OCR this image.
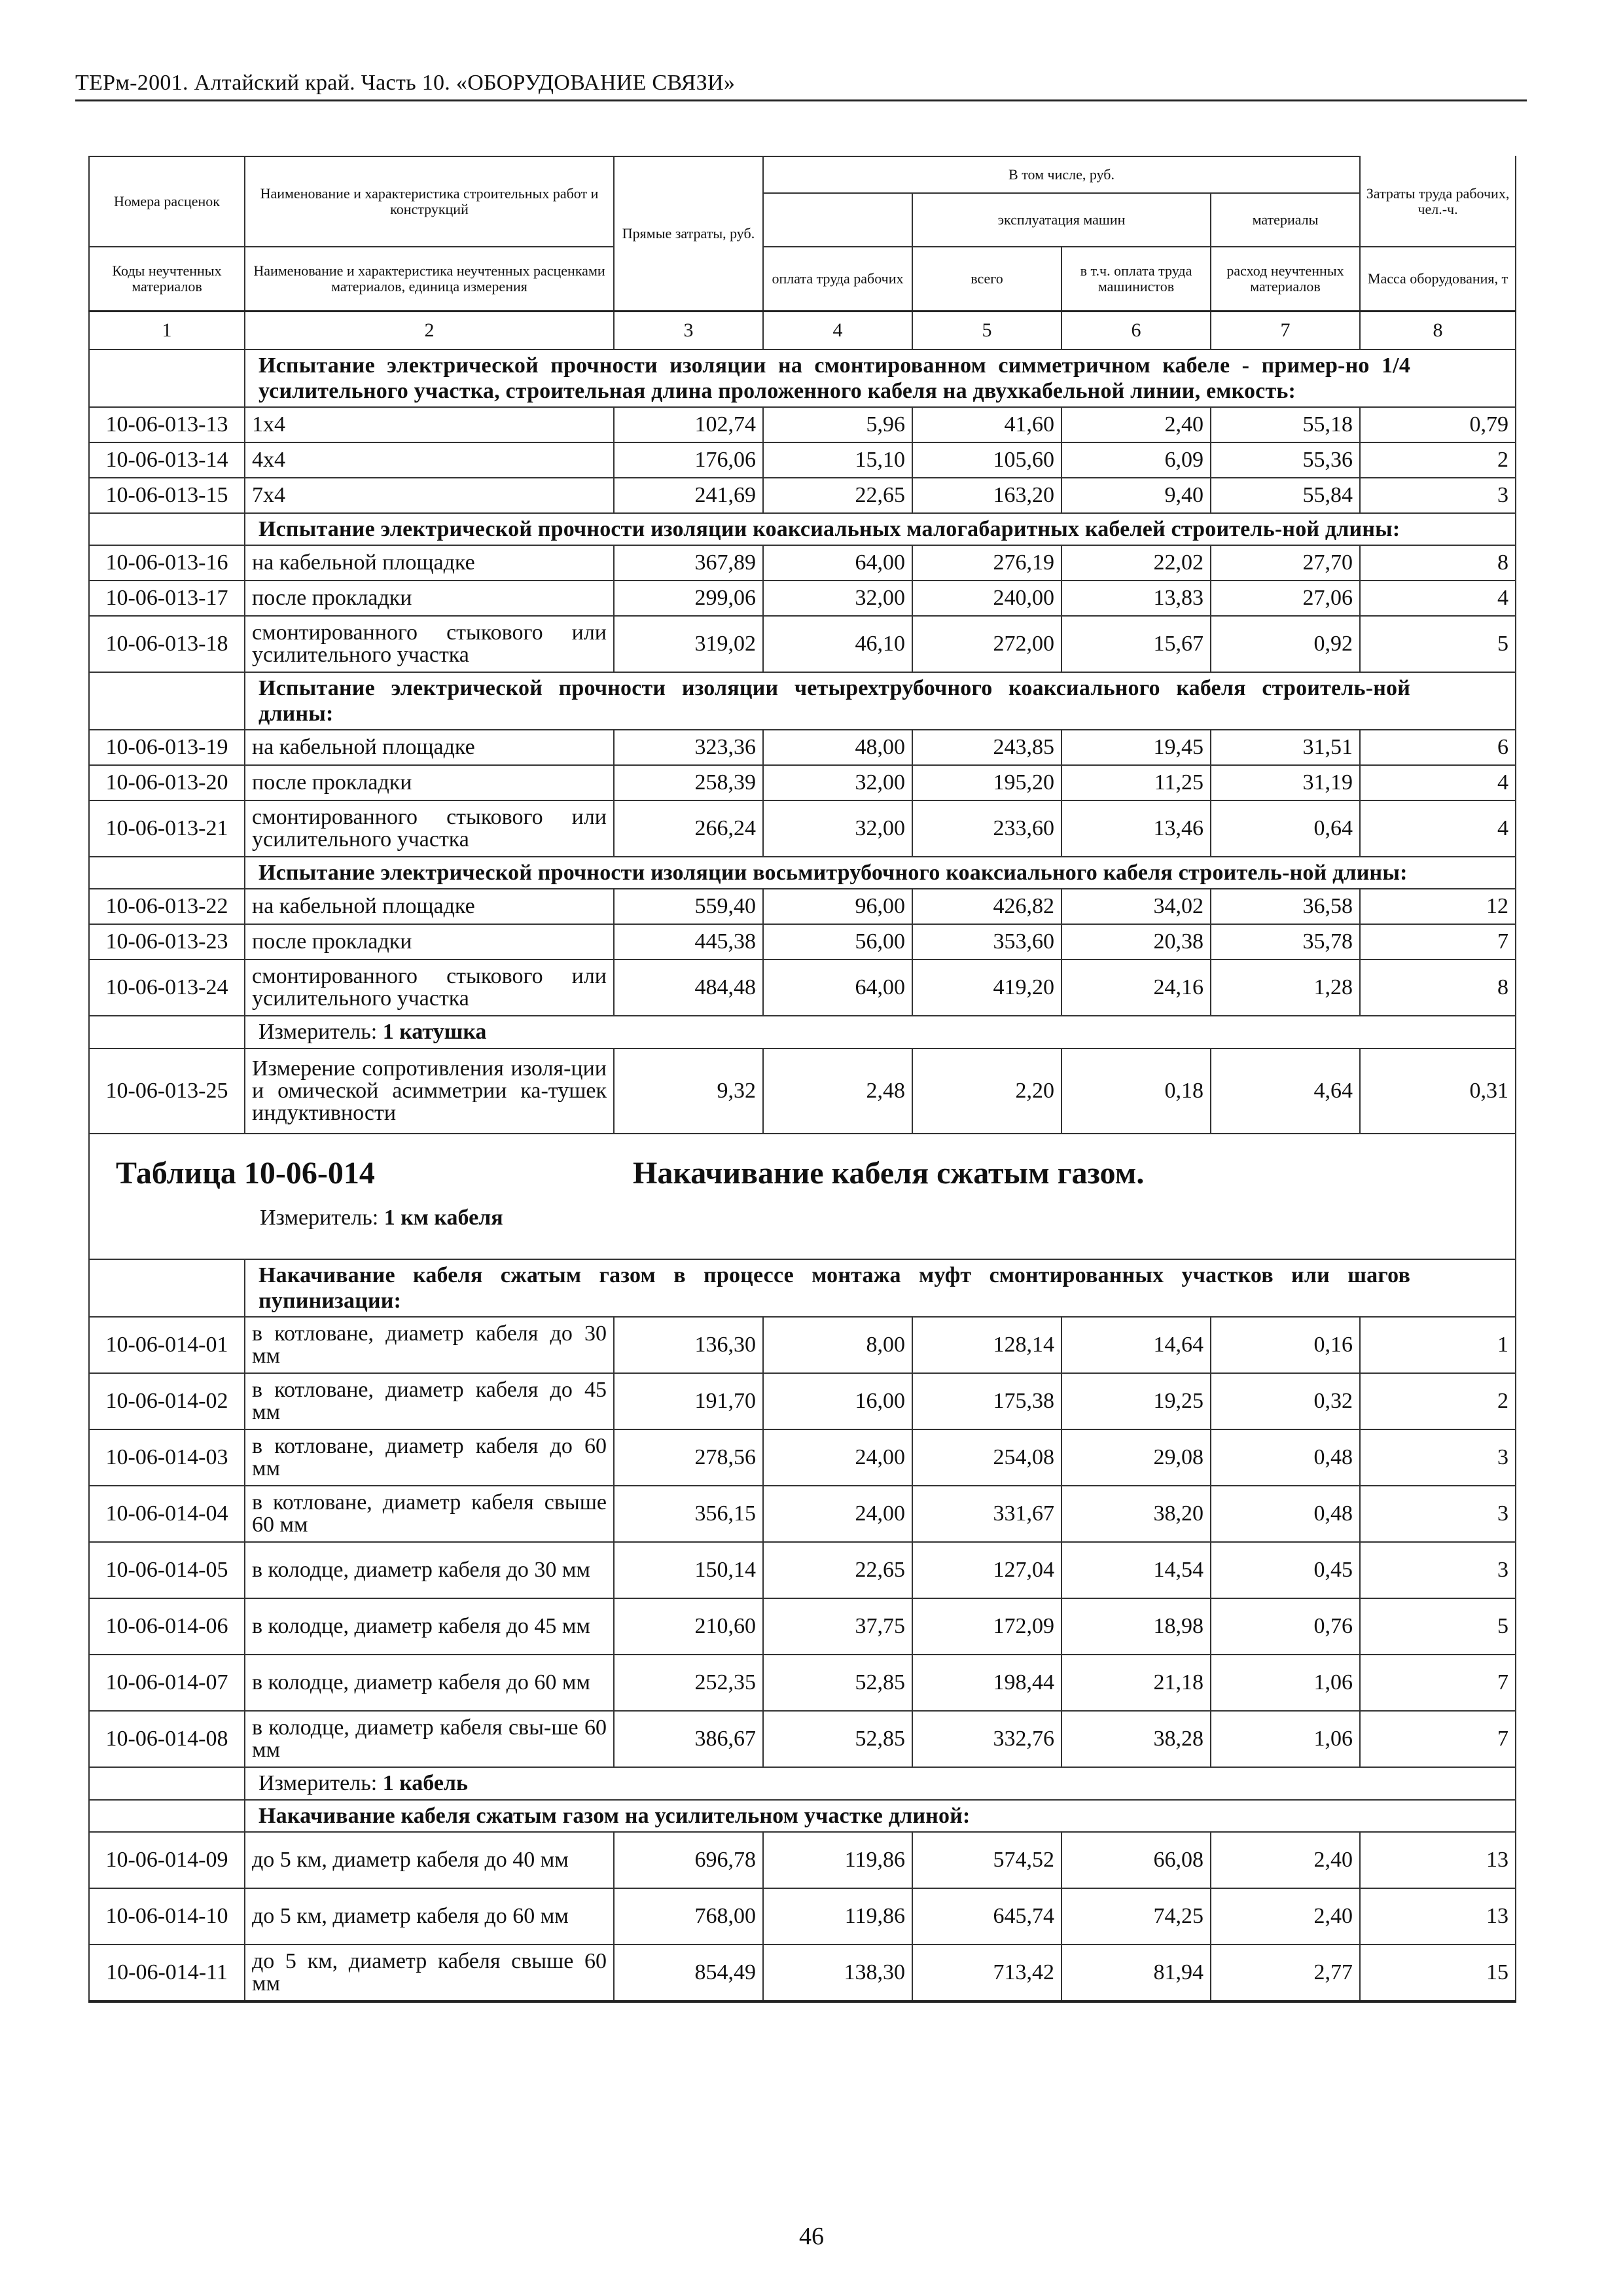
ТЕРм-2001. Алтайский край. Часть 10. «ОБОРУДОВАНИЕ СВЯЗИ»
Номера расценок	Наименование и характеристика строительных работ и конструкций	Прямые затраты, руб.	В том числе, руб.				Затраты труда рабочих, чел.-ч.
				эксплуатация машин		материалы	
Коды неучтенных материалов	Наименование и характеристика неучтенных расценками материалов, единица измерения		оплата труда рабочих	всего	в т.ч. оплата труда машинистов	расход неучтенных материалов	Масса оборудования, т
1	2	3	4	5	6	7	8
	Испытание электрической прочности изоляции на смонтированном симметричном кабеле - пример-но 1/4 усилительного участка, строительная длина проложенного кабеля на двухкабельной линии, емкость:						
10-06-013-13	1х4	102,74	5,96	41,60	2,40	55,18	0,79
10-06-013-14	4х4	176,06	15,10	105,60	6,09	55,36	2
10-06-013-15	7х4	241,69	22,65	163,20	9,40	55,84	3
	Испытание электрической прочности изоляции коаксиальных малогабаритных кабелей строитель-ной длины:						
10-06-013-16	на кабельной площадке	367,89	64,00	276,19	22,02	27,70	8
10-06-013-17	после прокладки	299,06	32,00	240,00	13,83	27,06	4
10-06-013-18	смонтированного стыкового или усилительного участка	319,02	46,10	272,00	15,67	0,92	5
	Испытание электрической прочности изоляции четырехтрубочного коаксиального кабеля строитель-ной длины:						
10-06-013-19	на кабельной площадке	323,36	48,00	243,85	19,45	31,51	6
10-06-013-20	после прокладки	258,39	32,00	195,20	11,25	31,19	4
10-06-013-21	смонтированного стыкового или усилительного участка	266,24	32,00	233,60	13,46	0,64	4
	Испытание электрической прочности изоляции восьмитрубочного коаксиального кабеля строитель-ной длины:						
10-06-013-22	на кабельной площадке	559,40	96,00	426,82	34,02	36,58	12
10-06-013-23	после прокладки	445,38	56,00	353,60	20,38	35,78	7
10-06-013-24	смонтированного стыкового или усилительного участка	484,48	64,00	419,20	24,16	1,28	8
	Измеритель: 1 катушка						
10-06-013-25	Измерение сопротивления изоля-ции и омической асимметрии ка-тушек индуктивности	9,32	2,48	2,20	0,18	4,64	0,31

Таблица 10-06-014 Накачивание кабеля сжатым газом.
Измеритель: 1 км кабеля							

	Накачивание кабеля сжатым газом в процессе монтажа муфт смонтированных участков или шагов пупинизации:						
10-06-014-01	в котловане, диаметр кабеля до 30 мм	136,30	8,00	128,14	14,64	0,16	1
10-06-014-02	в котловане, диаметр кабеля до 45 мм	191,70	16,00	175,38	19,25	0,32	2
10-06-014-03	в котловане, диаметр кабеля до 60 мм	278,56	24,00	254,08	29,08	0,48	3
10-06-014-04	в котловане, диаметр кабеля свыше 60 мм	356,15	24,00	331,67	38,20	0,48	3
10-06-014-05	в колодце, диаметр кабеля до 30 мм	150,14	22,65	127,04	14,54	0,45	3
10-06-014-06	в колодце, диаметр кабеля до 45 мм	210,60	37,75	172,09	18,98	0,76	5
10-06-014-07	в колодце, диаметр кабеля до 60 мм	252,35	52,85	198,44	21,18	1,06	7
10-06-014-08	в колодце, диаметр кабеля свы-ше 60 мм	386,67	52,85	332,76	38,28	1,06	7
	Измеритель: 1 кабель						
	Накачивание кабеля сжатым газом на усилительном участке длиной:						
10-06-014-09	до 5 км, диаметр кабеля до 40 мм	696,78	119,86	574,52	66,08	2,40	13
10-06-014-10	до 5 км, диаметр кабеля до 60 мм	768,00	119,86	645,74	74,25	2,40	13
10-06-014-11	до 5 км, диаметр кабеля свыше 60 мм	854,49	138,30	713,42	81,94	2,77	15
46
